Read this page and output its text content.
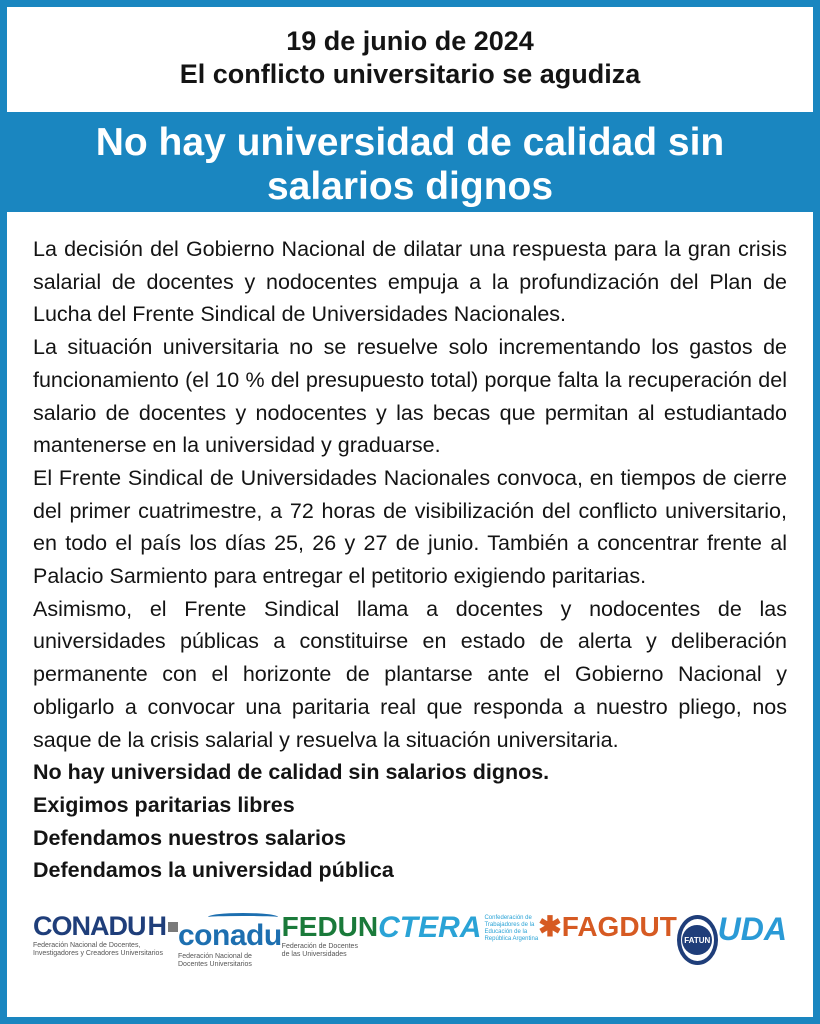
19 de junio de 2024
El conflicto universitario se agudiza
No hay universidad de calidad sin
salarios dignos

La decisión del Gobierno Nacional de dilatar una respuesta para la gran crisis salarial de docentes y nodocentes empuja a la profundización del Plan de Lucha del Frente Sindical de Universidades Nacionales.

La situación universitaria no se resuelve solo incrementando los gastos de funcionamiento (el 10 % del presupuesto total) porque falta la recuperación del salario de docentes y nodocentes y las becas que permitan al estudiantado mantenerse en la universidad y graduarse.

El Frente Sindical de Universidades Nacionales convoca, en tiempos de cierre del primer cuatrimestre, a 72 horas de visibilización del conflicto universitario, en todo el país los días 25, 26 y 27 de junio. También a concentrar frente al Palacio Sarmiento para entregar el petitorio exigiendo paritarias.

Asimismo, el Frente Sindical llama a docentes y nodocentes de las universidades públicas a constituirse en estado de alerta y deliberación permanente con el horizonte de plantarse ante el Gobierno Nacional y obligarlo a convocar una paritaria real que responda a nuestro pliego, nos saque de la crisis salarial y resuelva la situación universitaria.

No hay universidad de calidad sin salarios dignos.

Exigimos paritarias libres

Defendamos nuestros salarios

Defendamos la universidad pública

CONADU H
Federación Nacional de Docentes,
Investigadores y Creadores Universitarios
conadu
Federación Nacional de
Docentes Universitarios
FEDUN
Federación de Docentes
de las Universidades
CTERA Confederación de Trabajadores de la
Educación de la República Argentina ✱FAGDUT FATUN UDA
